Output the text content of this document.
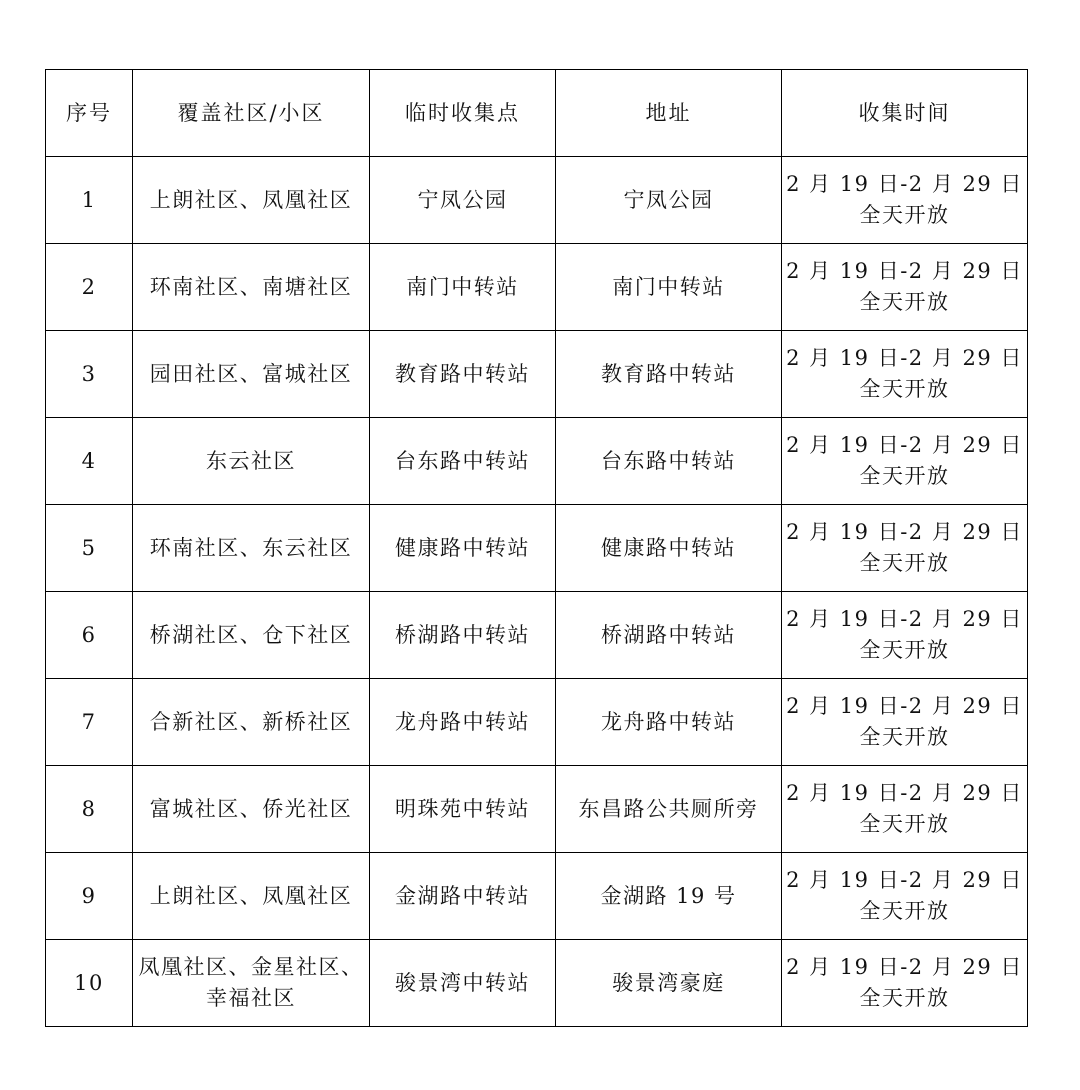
序号	覆盖社区/小区	临时收集点	地址	收集时间
1	上朗社区、凤凰社区	宁凤公园	宁凤公园	2 月 19 日-2 月 29 日
全天开放

2	环南社区、南塘社区	南门中转站	南门中转站	2 月 19 日-2 月 29 日
全天开放

3	园田社区、富城社区	教育路中转站	教育路中转站	2 月 19 日-2 月 29 日
全天开放

4	东云社区	台东路中转站	台东路中转站	2 月 19 日-2 月 29 日
全天开放

5	环南社区、东云社区	健康路中转站	健康路中转站	2 月 19 日-2 月 29 日
全天开放

6	桥湖社区、仓下社区	桥湖路中转站	桥湖路中转站	2 月 19 日-2 月 29 日
全天开放

7	合新社区、新桥社区	龙舟路中转站	龙舟路中转站	2 月 19 日-2 月 29 日
全天开放

8	富城社区、侨光社区	明珠苑中转站	东昌路公共厕所旁	2 月 19 日-2 月 29 日
全天开放

9	上朗社区、凤凰社区	金湖路中转站	金湖路 19 号	2 月 19 日-2 月 29 日
全天开放

10	凤凰社区、金星社区、幸福社区	骏景湾中转站	骏景湾豪庭	2 月 19 日-2 月 29 日
全天开放
